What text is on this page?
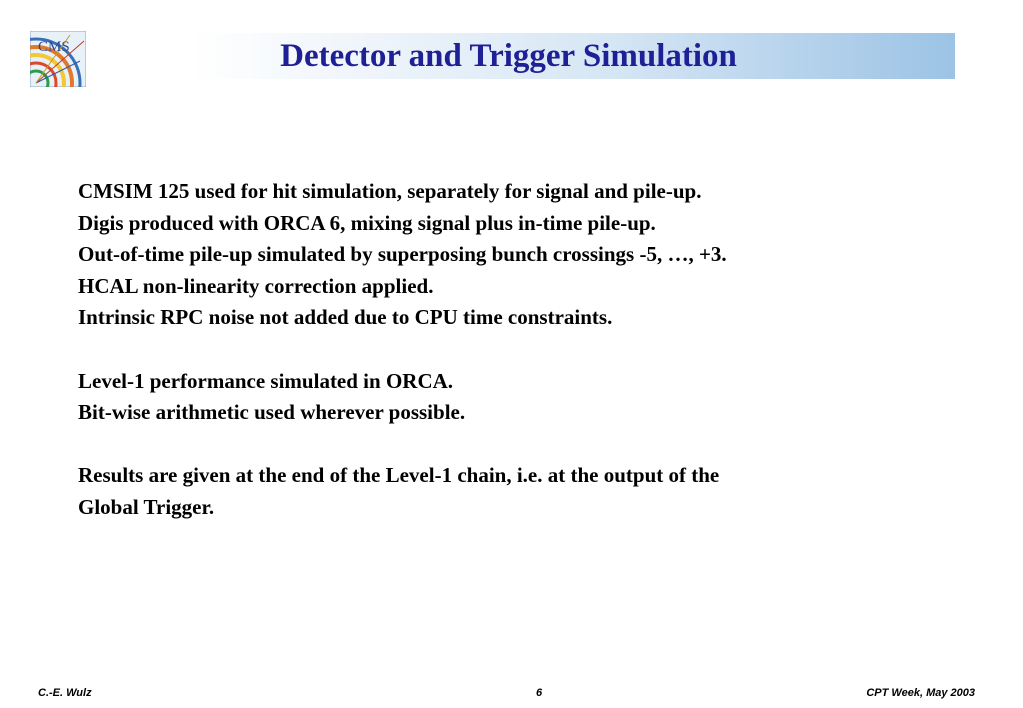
CMS	Detector and Trigger Simulation
CMSIM 125 used for hit simulation, separately for signal and pile-up.
Digis produced with ORCA 6, mixing signal plus in-time pile-up.
Out-of-time pile-up simulated by superposing bunch crossings -5, …, +3.
HCAL non-linearity correction applied.
Intrinsic RPC noise not added due to CPU time constraints.
Level-1 performance simulated in ORCA.
Bit-wise arithmetic used wherever possible.
Results are given at the end of the Level-1 chain, i.e. at the output of the
Global Trigger.
C.-E. Wulz	6	CPT Week, May 2003
